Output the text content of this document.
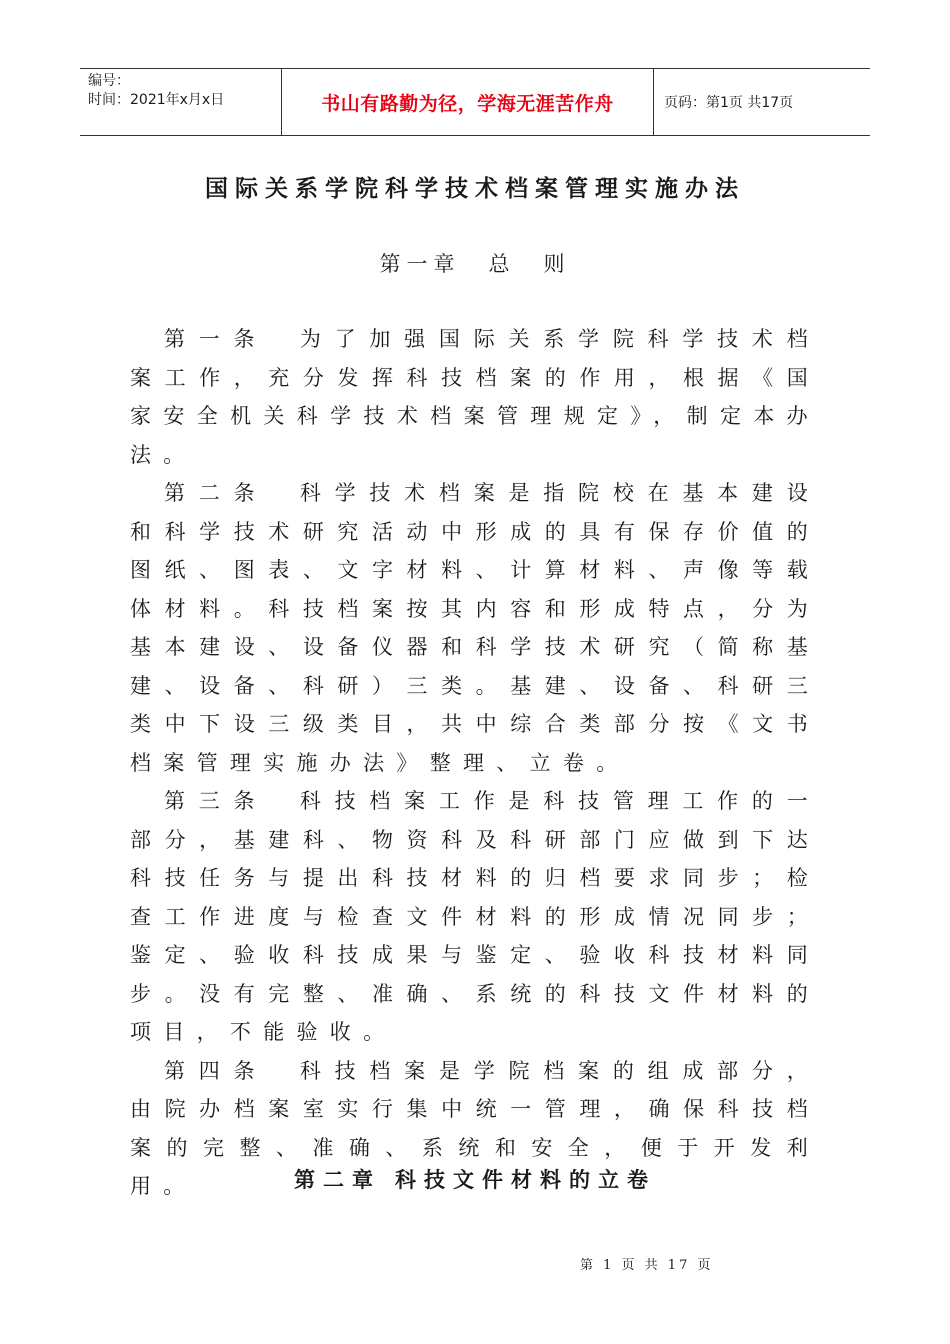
编号：
时间：2021年x月x日	书山有路勤为径，学海无涯苦作舟	页码：第1页 共17页
国际关系学院科学技术档案管理实施办法
第一章 总 则

第一条 为了加强国际关系学院科学技术档案工作，充分发挥科技档案的作用，根据《国家安全机关科学技术档案管理规定》，制定本办法。

第二条 科学技术档案是指院校在基本建设和科学技术研究活动中形成的具有保存价值的图纸、图表、文字材料、计算材料、声像等载体材料。科技档案按其内容和形成特点，分为基本建设、设备仪器和科学技术研究（简称基建、设备、科研）三类。基建、设备、科研三类中下设三级类目，共中综合类部分按《文书档案管理实施办法》整理、立卷。

第三条 科技档案工作是科技管理工作的一部分，基建科、物资科及科研部门应做到下达科技任务与提出科技材料的归档要求同步；检查工作进度与检查文件材料的形成情况同步；鉴定、验收科技成果与鉴定、验收科技材料同步。没有完整、准确、系统的科技文件材料的项目，不能验收。

第四条 科技档案是学院档案的组成部分，由院办档案室实行集中统一管理，确保科技档案的完整、准确、系统和安全，便于开发利用。	第二章 科技文件材料的立卷
第 1 页 共 17 页
